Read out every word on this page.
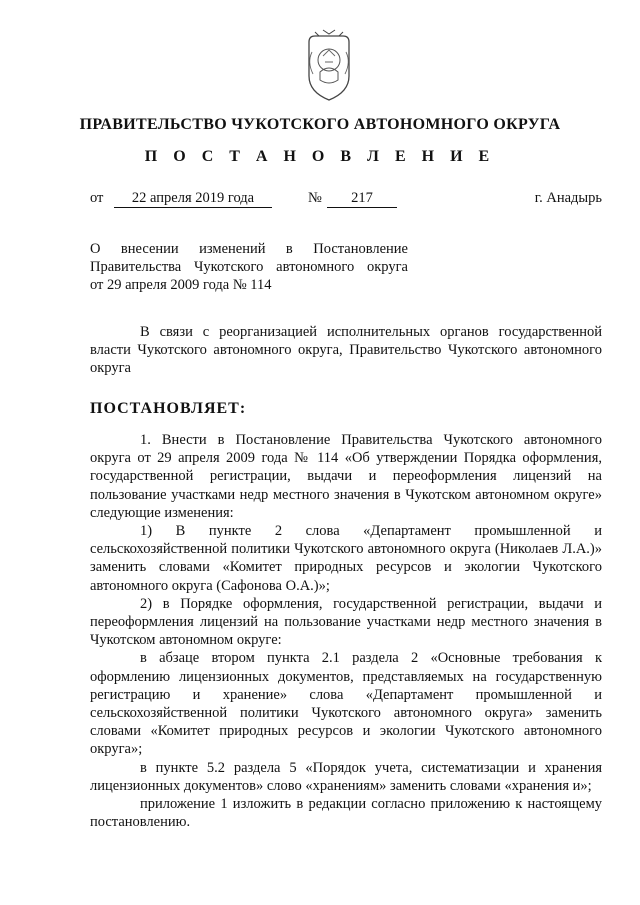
ПРАВИТЕЛЬСТВО ЧУКОТСКОГО АВТОНОМНОГО ОКРУГА
П О С Т А Н О В Л Е Н И Е
от	22 апреля 2019 года	№	217	г. Анадырь
О внесении изменений в Постановление
Правительства Чукотского автономного округа
от 29 апреля 2009 года № 114
В связи с реорганизацией исполнительных органов государственной власти Чукотского автономного округа, Правительство Чукотского автономного округа
ПОСТАНОВЛЯЕТ:

1. Внести в Постановление Правительства Чукотского автономного округа от 29 апреля 2009 года № 114 «Об утверждении Порядка оформления, государственной регистрации, выдачи и переоформления лицензий на пользование участками недр местного значения в Чукотском автономном округе» следующие изменения:

1) В пункте 2 слова «Департамент промышленной и сельскохозяйственной политики Чукотского автономного округа (Николаев Л.А.)» заменить словами «Комитет природных ресурсов и экологии Чукотского автономного округа (Сафонова О.А.)»;

2) в Порядке оформления, государственной регистрации, выдачи и переоформления лицензий на пользование участками недр местного значения в Чукотском автономном округе:

в абзаце втором пункта 2.1 раздела 2 «Основные требования к оформлению лицензионных документов, представляемых на государственную регистрацию и хранение» слова «Департамент промышленной и сельскохозяйственной политики Чукотского автономного округа» заменить словами «Комитет природных ресурсов и экологии Чукотского автономного округа»;

в пункте 5.2 раздела 5 «Порядок учета, систематизации и хранения лицензионных документов» слово «хранениям» заменить словами «хранения и»;

приложение 1 изложить в редакции согласно приложению к настоящему постановлению.
